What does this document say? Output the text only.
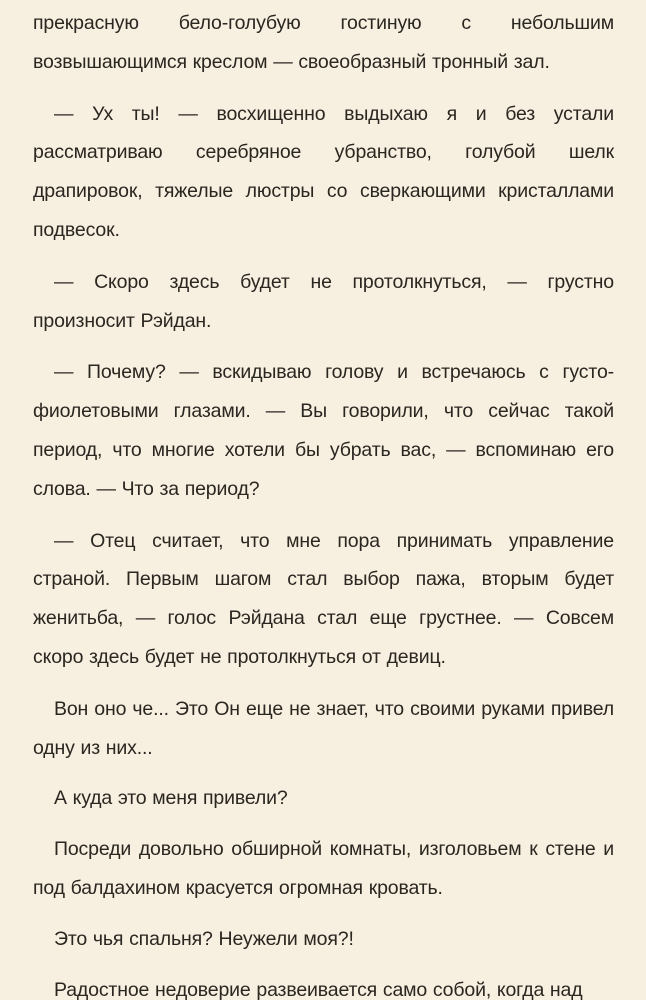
прекрасную бело-голубую гостиную с небольшим возвышающимся креслом — своеобразный тронный зал.

— Ух ты! — восхищенно выдыхаю я и без устали рассматриваю серебряное убранство, голубой шелк драпировок, тяжелые люстры со сверкающими кристаллами подвесок.

— Скоро здесь будет не протолкнуться, — грустно произносит Рэйдан.

— Почему? — вскидываю голову и встречаюсь с густо-фиолетовыми глазами. — Вы говорили, что сейчас такой период, что многие хотели бы убрать вас, — вспоминаю его слова. — Что за период?

— Отец считает, что мне пора принимать управление страной. Первым шагом стал выбор пажа, вторым будет женитьба, — голос Рэйдана стал еще грустнее. — Совсем скоро здесь будет не протолкнуться от девиц.

Вон оно че... Это Он еще не знает, что своими руками привел одну из них...

А куда это меня привели?

Посреди довольно обширной комнаты, изголовьем к стене и под балдахином красуется огромная кровать.

Это чья спальня? Неужели моя?!

Радостное недоверие развеивается само собой, когда над
